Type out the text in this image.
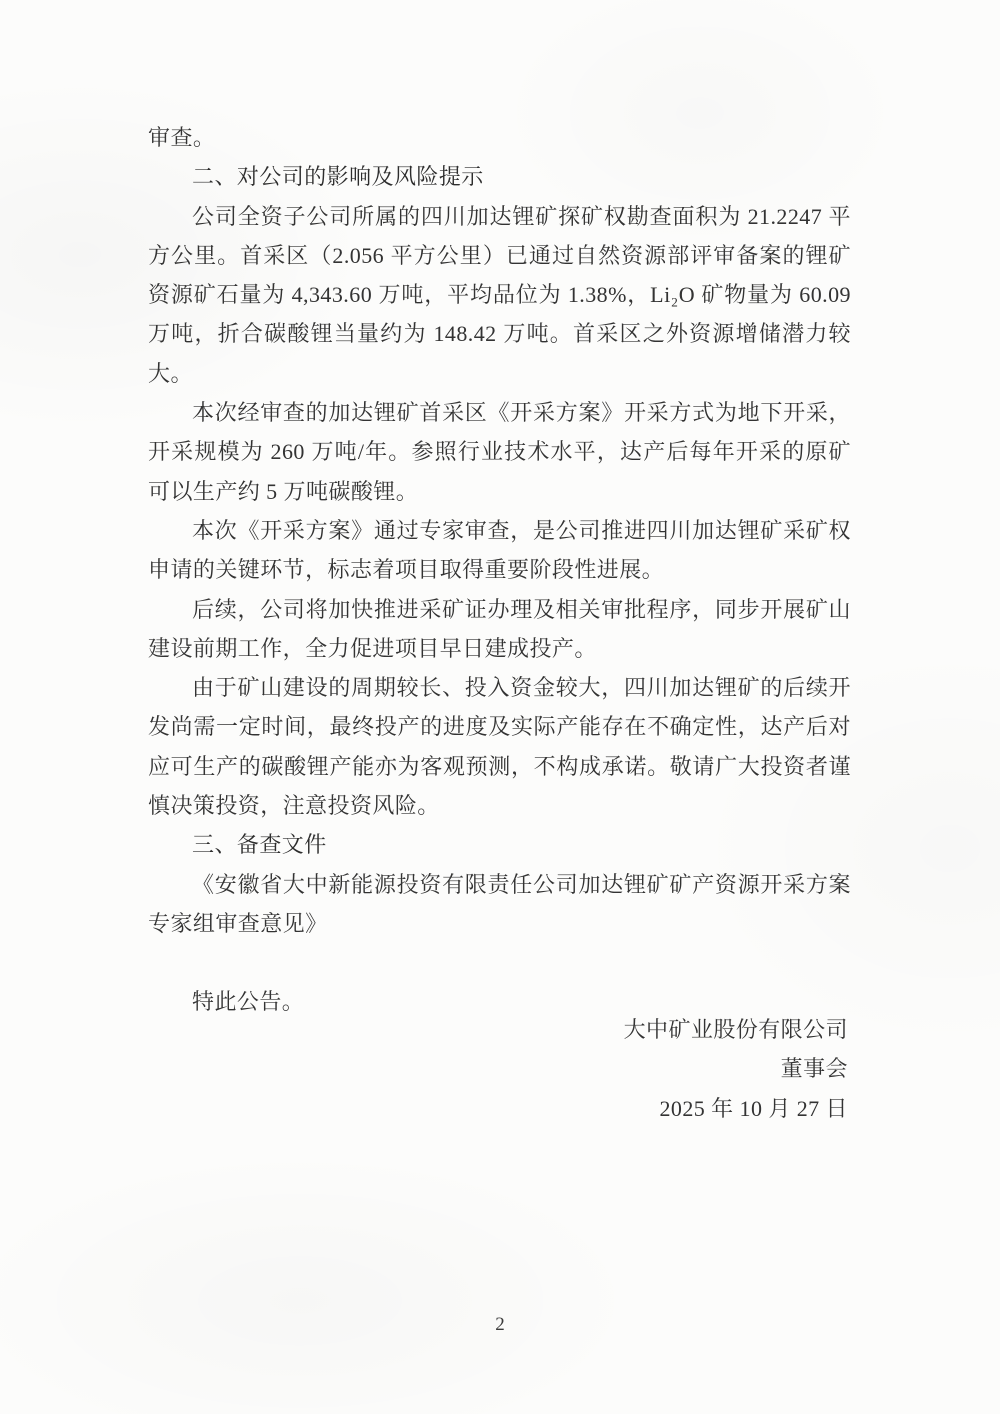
审查。

二、对公司的影响及风险提示

公司全资子公司所属的四川加达锂矿探矿权勘查面积为 21.2247 平方公里。首采区（2.056 平方公里）已通过自然资源部评审备案的锂矿资源矿石量为 4,343.60 万吨，平均品位为 1.38%，Li₂O 矿物量为 60.09 万吨，折合碳酸锂当量约为 148.42 万吨。首采区之外资源增储潜力较大。

本次经审查的加达锂矿首采区《开采方案》开采方式为地下开采，开采规模为 260 万吨/年。参照行业技术水平，达产后每年开采的原矿可以生产约 5 万吨碳酸锂。

本次《开采方案》通过专家审查，是公司推进四川加达锂矿采矿权申请的关键环节，标志着项目取得重要阶段性进展。

后续，公司将加快推进采矿证办理及相关审批程序，同步开展矿山建设前期工作，全力促进项目早日建成投产。

由于矿山建设的周期较长、投入资金较大，四川加达锂矿的后续开发尚需一定时间，最终投产的进度及实际产能存在不确定性，达产后对应可生产的碳酸锂产能亦为客观预测，不构成承诺。敬请广大投资者谨慎决策投资，注意投资风险。

三、备查文件

《安徽省大中新能源投资有限责任公司加达锂矿矿产资源开采方案专家组审查意见》

特此公告。

大中矿业股份有限公司

董事会

2025 年 10 月 27 日

2
